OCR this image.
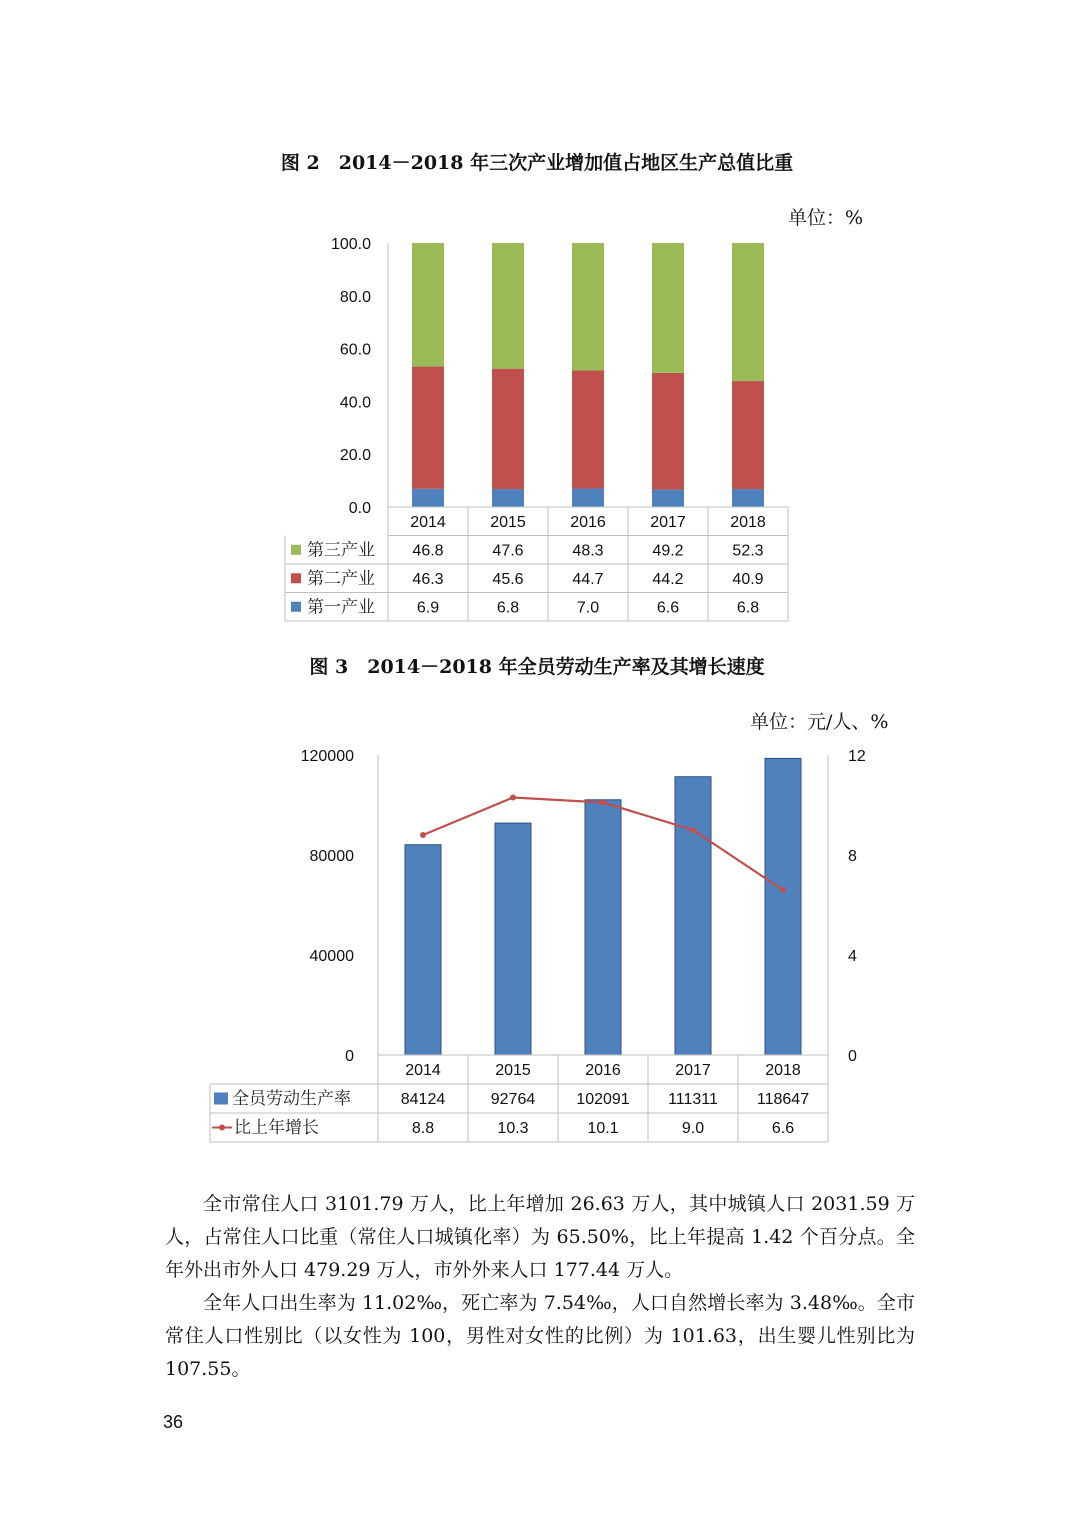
图 2　2014－2018 年三次产业增加值占地区生产总值比重
单位：%
图 3　2014－2018 年全员劳动生产率及其增长速度
单位：元/人、%
0.0
20.0
40.0
60.0
80.0
100.0
2014	2015	2016	2017	2018
第三产业 46.8	47.6	48.3	49.2	52.3
第二产业 46.3	45.6	44.7	44.2	40.9
第一产业	6.9	6.8	7.0	6.6	6.8
0
40000
80000
120000
0
4
8
12
2014	2015	2016	2017	2018
全员劳动生产率	84124	92764	102091 111311 118647
比上年增长	8.8	10.3	10.1	9.0	6.6

全市常住人口 3101.79 万人，比上年增加 26.63 万人，其中城镇人口 2031.59 万人，占常住人口比重（常住人口城镇化率）为 65.50%，比上年提高 1.42 个百分点。全年外出市外人口 479.29 万人，市外外来人口 177.44 万人。

全年人口出生率为 11.02‰，死亡率为 7.54‰，人口自然增长率为 3.48‰。全市常住人口性别比（以女性为 100，男性对女性的比例）为 101.63，出生婴儿性别比为 107.55。

36
